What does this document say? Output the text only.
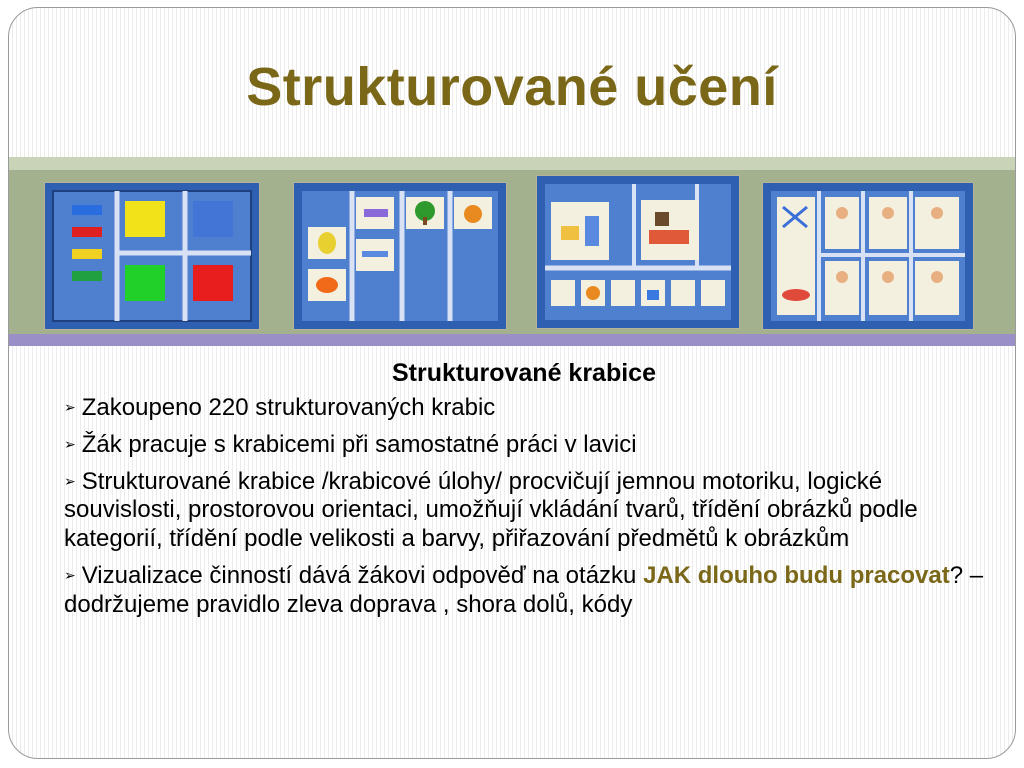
Strukturované učení
Strukturované krabice
➢ Zakoupeno 220 strukturovaných krabic
➢ Žák pracuje s krabicemi při samostatné práci v lavici
➢ Strukturované krabice /krabicové úlohy/ procvičují jemnou motoriku, logické souvislosti, prostorovou orientaci, umožňují vkládání tvarů, třídění obrázků podle kategorií, třídění podle velikosti a barvy, přiřazování předmětů k obrázkům
➢ Vizualizace činností dává žákovi odpověď na otázku JAK dlouho budu pracovat? – dodržujeme pravidlo zleva doprava , shora dolů, kódy
